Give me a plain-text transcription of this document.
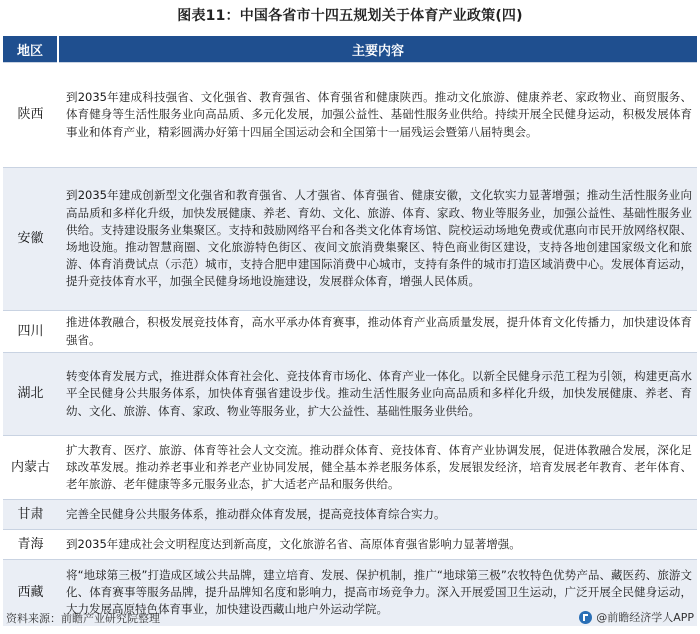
图表11：中国各省市十四五规划关于体育产业政策(四)
地区	主要内容
陕西	到2035年建成科技强省、文化强省、教育强省、体育强省和健康陕西。推动文化旅游、健康养老、家政物业、商贸服务、体育健身等生活性服务业向高品质、多元化发展，加强公益性、基础性服务业供给。持续开展全民健身运动，积极发展体育事业和体育产业，精彩圆满办好第十四届全国运动会和全国第十一届残运会暨第八届特奥会。
安徽	到2035年建成创新型文化强省和教育强省、人才强省、体育强省、健康安徽，文化软实力显著增强；推动生活性服务业向高品质和多样化升级，加快发展健康、养老、育幼、文化、旅游、体育、家政、物业等服务业，加强公益性、基础性服务业供给。支持建设服务业集聚区。支持和鼓励网络平台和各类文化体育场馆、院校运动场地免费或优惠向市民开放网络权限、场地设施。推动智慧商圈、文化旅游特色街区、夜间文旅消费集聚区、特色商业街区建设，支持各地创建国家级文化和旅游、体育消费试点（示范）城市，支持合肥申建国际消费中心城市，支持有条件的城市打造区域消费中心。发展体育运动，提升竞技体育水平，加强全民健身场地设施建设，发展群众体育，增强人民体质。
四川	推进体教融合，积极发展竞技体育，高水平承办体育赛事，推动体育产业高质量发展，提升体育文化传播力，加快建设体育强省。
湖北	转变体育发展方式，推进群众体育社会化、竞技体育市场化、体育产业一体化。以新全民健身示范工程为引领，构建更高水平全民健身公共服务体系，加快体育强省建设步伐。推动生活性服务业向高品质和多样化升级，加快发展健康、养老、育幼、文化、旅游、体育、家政、物业等服务业，扩大公益性、基础性服务业供给。
内蒙古	扩大教育、医疗、旅游、体育等社会人文交流。推动群众体育、竞技体育、体育产业协调发展，促进体教融合发展，深化足球改革发展。推动养老事业和养老产业协同发展，健全基本养老服务体系，发展银发经济，培育发展老年教育、老年体育、老年旅游、老年健康等多元服务业态，扩大适老产品和服务供给。
甘肃	完善全民健身公共服务体系，推动群众体育发展，提高竞技体育综合实力。
青海	到2035年建成社会文明程度达到新高度，文化旅游名省、高原体育强省影响力显著增强。
西藏	将“地球第三极”打造成区域公共品牌，建立培育、发展、保护机制，推广“地球第三极”农牧特色优势产品、藏医药、旅游文化、体育赛事等服务品牌，提升品牌知名度和影响力，提高市场竞争力。深入开展爱国卫生运动，广泛开展全民健身运动，大力发展高原特色体育事业，加快建设西藏山地户外运动学院。
资料来源：前瞻产业研究院整理	@前瞻经济学人APP
